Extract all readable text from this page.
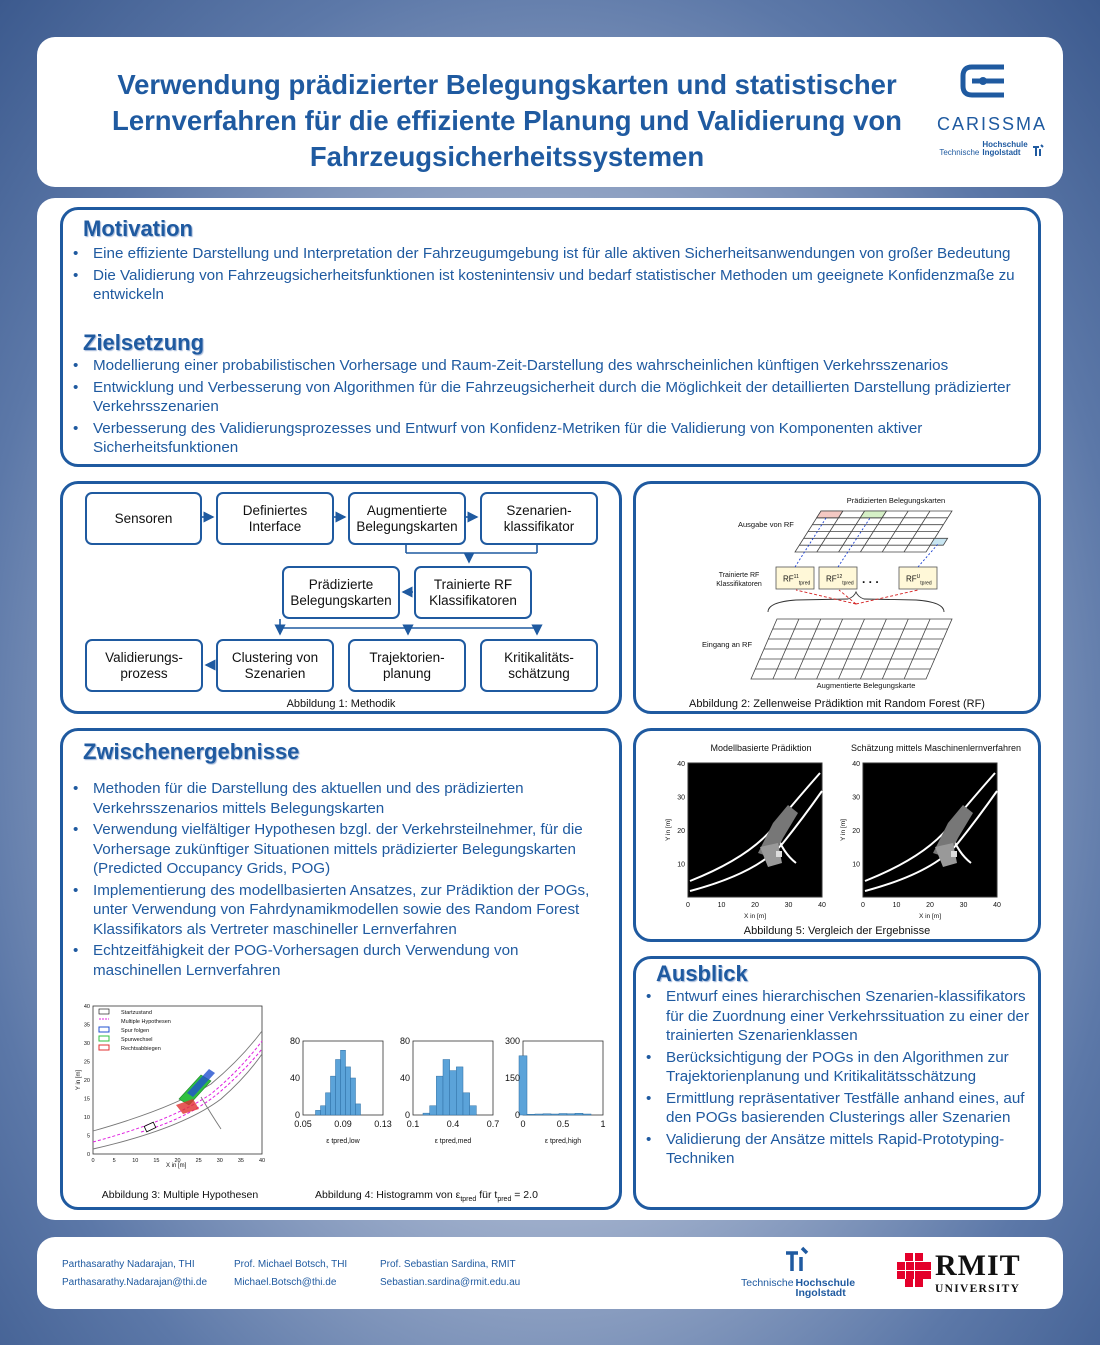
Verwendung prädizierter Belegungskarten und statistischer
Lernverfahren für die effiziente Planung und Validierung von
Fahrzeugsicherheitssystemen
CARISSMA
Technische
Hochschule
Ingolstadt
Motivation
• Eine effiziente Darstellung und Interpretation der Fahrzeugumgebung ist für alle aktiven Sicherheitsanwendungen von großer Bedeutung
• Die Validierung von Fahrzeugsicherheitsfunktionen ist kostenintensiv und bedarf statistischer Methoden um geeignete Konfidenzmaße zu entwickeln
Zielsetzung
• Modellierung einer probabilistischen Vorhersage und Raum-Zeit-Darstellung des wahrscheinlichen künftigen Verkehrsszenarios
• Entwicklung und Verbesserung von Algorithmen für die Fahrzeugsicherheit durch die Möglichkeit der detaillierten Darstellung prädizierter Verkehrsszenarien
• Verbesserung des Validierungsprozesses und Entwurf von Konfidenz-Metriken für die Validierung von Komponenten aktiver Sicherheitsfunktionen
Sensoren
Definiertes Interface
Augmentierte Belegungskarten
Szenarien-klassifikator
Prädizierte Belegungskarten
Trainierte RF Klassifikatoren
Validierungs-prozess
Clustering von Szenarien
Trajektorien-planung
Kritikalitäts-schätzung
Abbildung 1: Methodik
Prädizierten Belegungskarten
Ausgabe von RF
Trainierte RF Klassifikatoren
Eingang an RF
Augmentierte Belegungskarte
$RF^{11}_{tpred}$ $RF^{12}_{tpred}$	$RF^U_{tpred}$
. . .
Abbildung 2: Zellenweise Prädiktion mit Random Forest (RF)
Zwischenergebnisse
• Methoden für die Darstellung des aktuellen und des prädizierten Verkehrsszenarios mittels Belegungskarten
• Verwendung vielfältiger Hypothesen bzgl. der Verkehrsteilnehmer, für die Vorhersage zukünftiger Situationen mittels prädizierter Belegungskarten (Predicted Occupancy Grids, POG)
• Implementierung des modellbasierten Ansatzes, zur Prädiktion der POGs, unter Verwendung von Fahrdynamikmodellen sowie des Random Forest Klassifikators als Vertreter maschineller Lernverfahren
• Echtzeitfähigkeit der POG-Vorhersagen durch Verwendung von maschinellen Lernverfahren
0	5	10	15	20	25	30	35	40
0
5
10
15
20
25
30
35
40
Startzustand
Multiple Hypothesen
Spur folgen
Spurwechsel
Rechtsabbiegen
X in [m]
Y in [m]
Abbildung 3: Multiple Hypothesen
0.05 0.09 0.13
0
40
80
ε tpred,low
0.1	0.4	0.7
0
40
80
ε tpred,med
0	0.5	1
0
150
300
ε tpred,high
Abbildung 4: Histogramm von $\varepsilon_{tpred}$ für $t_{pred} = 2.0$
Modellbasierte Prädiktion	Schätzung mittels Maschinenlernverfahren
0	10	20	30	40
10
20
30
40
X in [m]
Y in [m]
0	10	20	30	40
10
20
30
40
X in [m]
Y in [m]
Abbildung 5: Vergleich der Ergebnisse
Ausblick
• Entwurf eines hierarchischen Szenarien-klassifikators für die Zuordnung einer Verkehrssituation zu einer der trainierten Szenarienklassen
• Berücksichtigung der POGs in den Algorithmen zur Trajektorienplanung und Kritikalitätsschätzung
• Ermittlung repräsentativer Testfälle anhand eines, auf den POGs basierenden Clusterings aller Szenarien
• Validierung der Ansätze mittels Rapid-Prototyping-Techniken
Parthasarathy Nadarajan, THI
Parthasarathy.Nadarajan@thi.de
Prof. Michael Botsch, THI
Michael.Botsch@thi.de
Prof. Sebastian Sardina, RMIT
Sebastian.sardina@rmit.edu.au	Technische Hochschule
Ingolstadt
RMIT
UNIVERSITY
